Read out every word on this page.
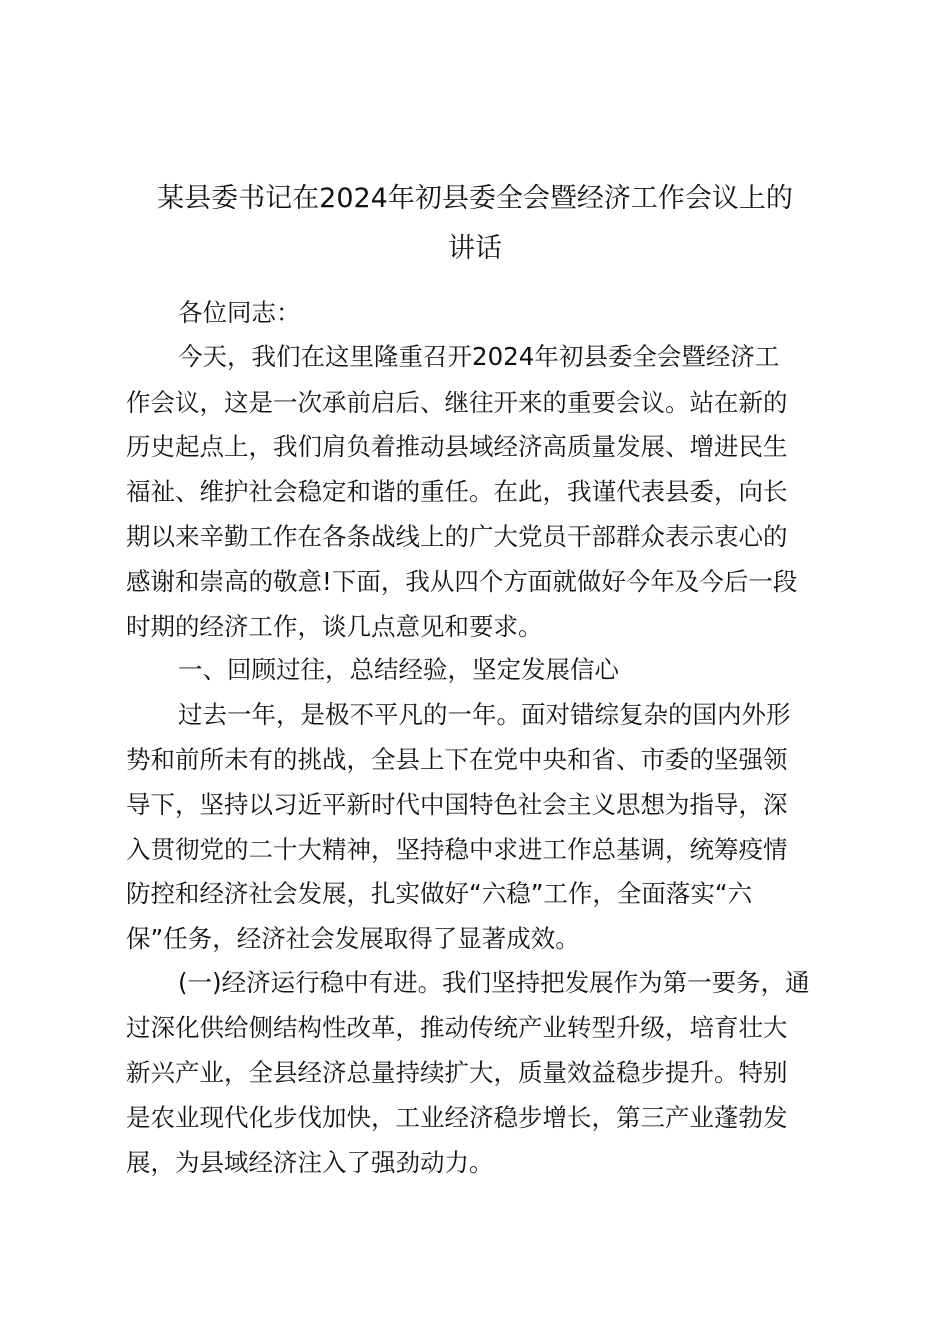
某县委书记在2024年初县委全会暨经济工作会议上的
讲话

各位同志：

今天，我们在这里隆重召开2024年初县委全会暨经济工

作会议，这是一次承前启后、继往开来的重要会议。站在新的

历史起点上，我们肩负着推动县域经济高质量发展、增进民生

福祉、维护社会稳定和谐的重任。在此，我谨代表县委，向长

期以来辛勤工作在各条战线上的广大党员干部群众表示衷心的

感谢和崇高的敬意!下面，我从四个方面就做好今年及今后一段

时期的经济工作，谈几点意见和要求。

一、回顾过往，总结经验，坚定发展信心

过去一年，是极不平凡的一年。面对错综复杂的国内外形

势和前所未有的挑战，全县上下在党中央和省、市委的坚强领

导下，坚持以习近平新时代中国特色社会主义思想为指导，深

入贯彻党的二十大精神，坚持稳中求进工作总基调，统筹疫情

防控和经济社会发展，扎实做好“六稳”工作，全面落实“六

保”任务，经济社会发展取得了显著成效。

(一)经济运行稳中有进。我们坚持把发展作为第一要务，通

过深化供给侧结构性改革，推动传统产业转型升级，培育壮大

新兴产业，全县经济总量持续扩大，质量效益稳步提升。特别

是农业现代化步伐加快，工业经济稳步增长，第三产业蓬勃发

展，为县域经济注入了强劲动力。
